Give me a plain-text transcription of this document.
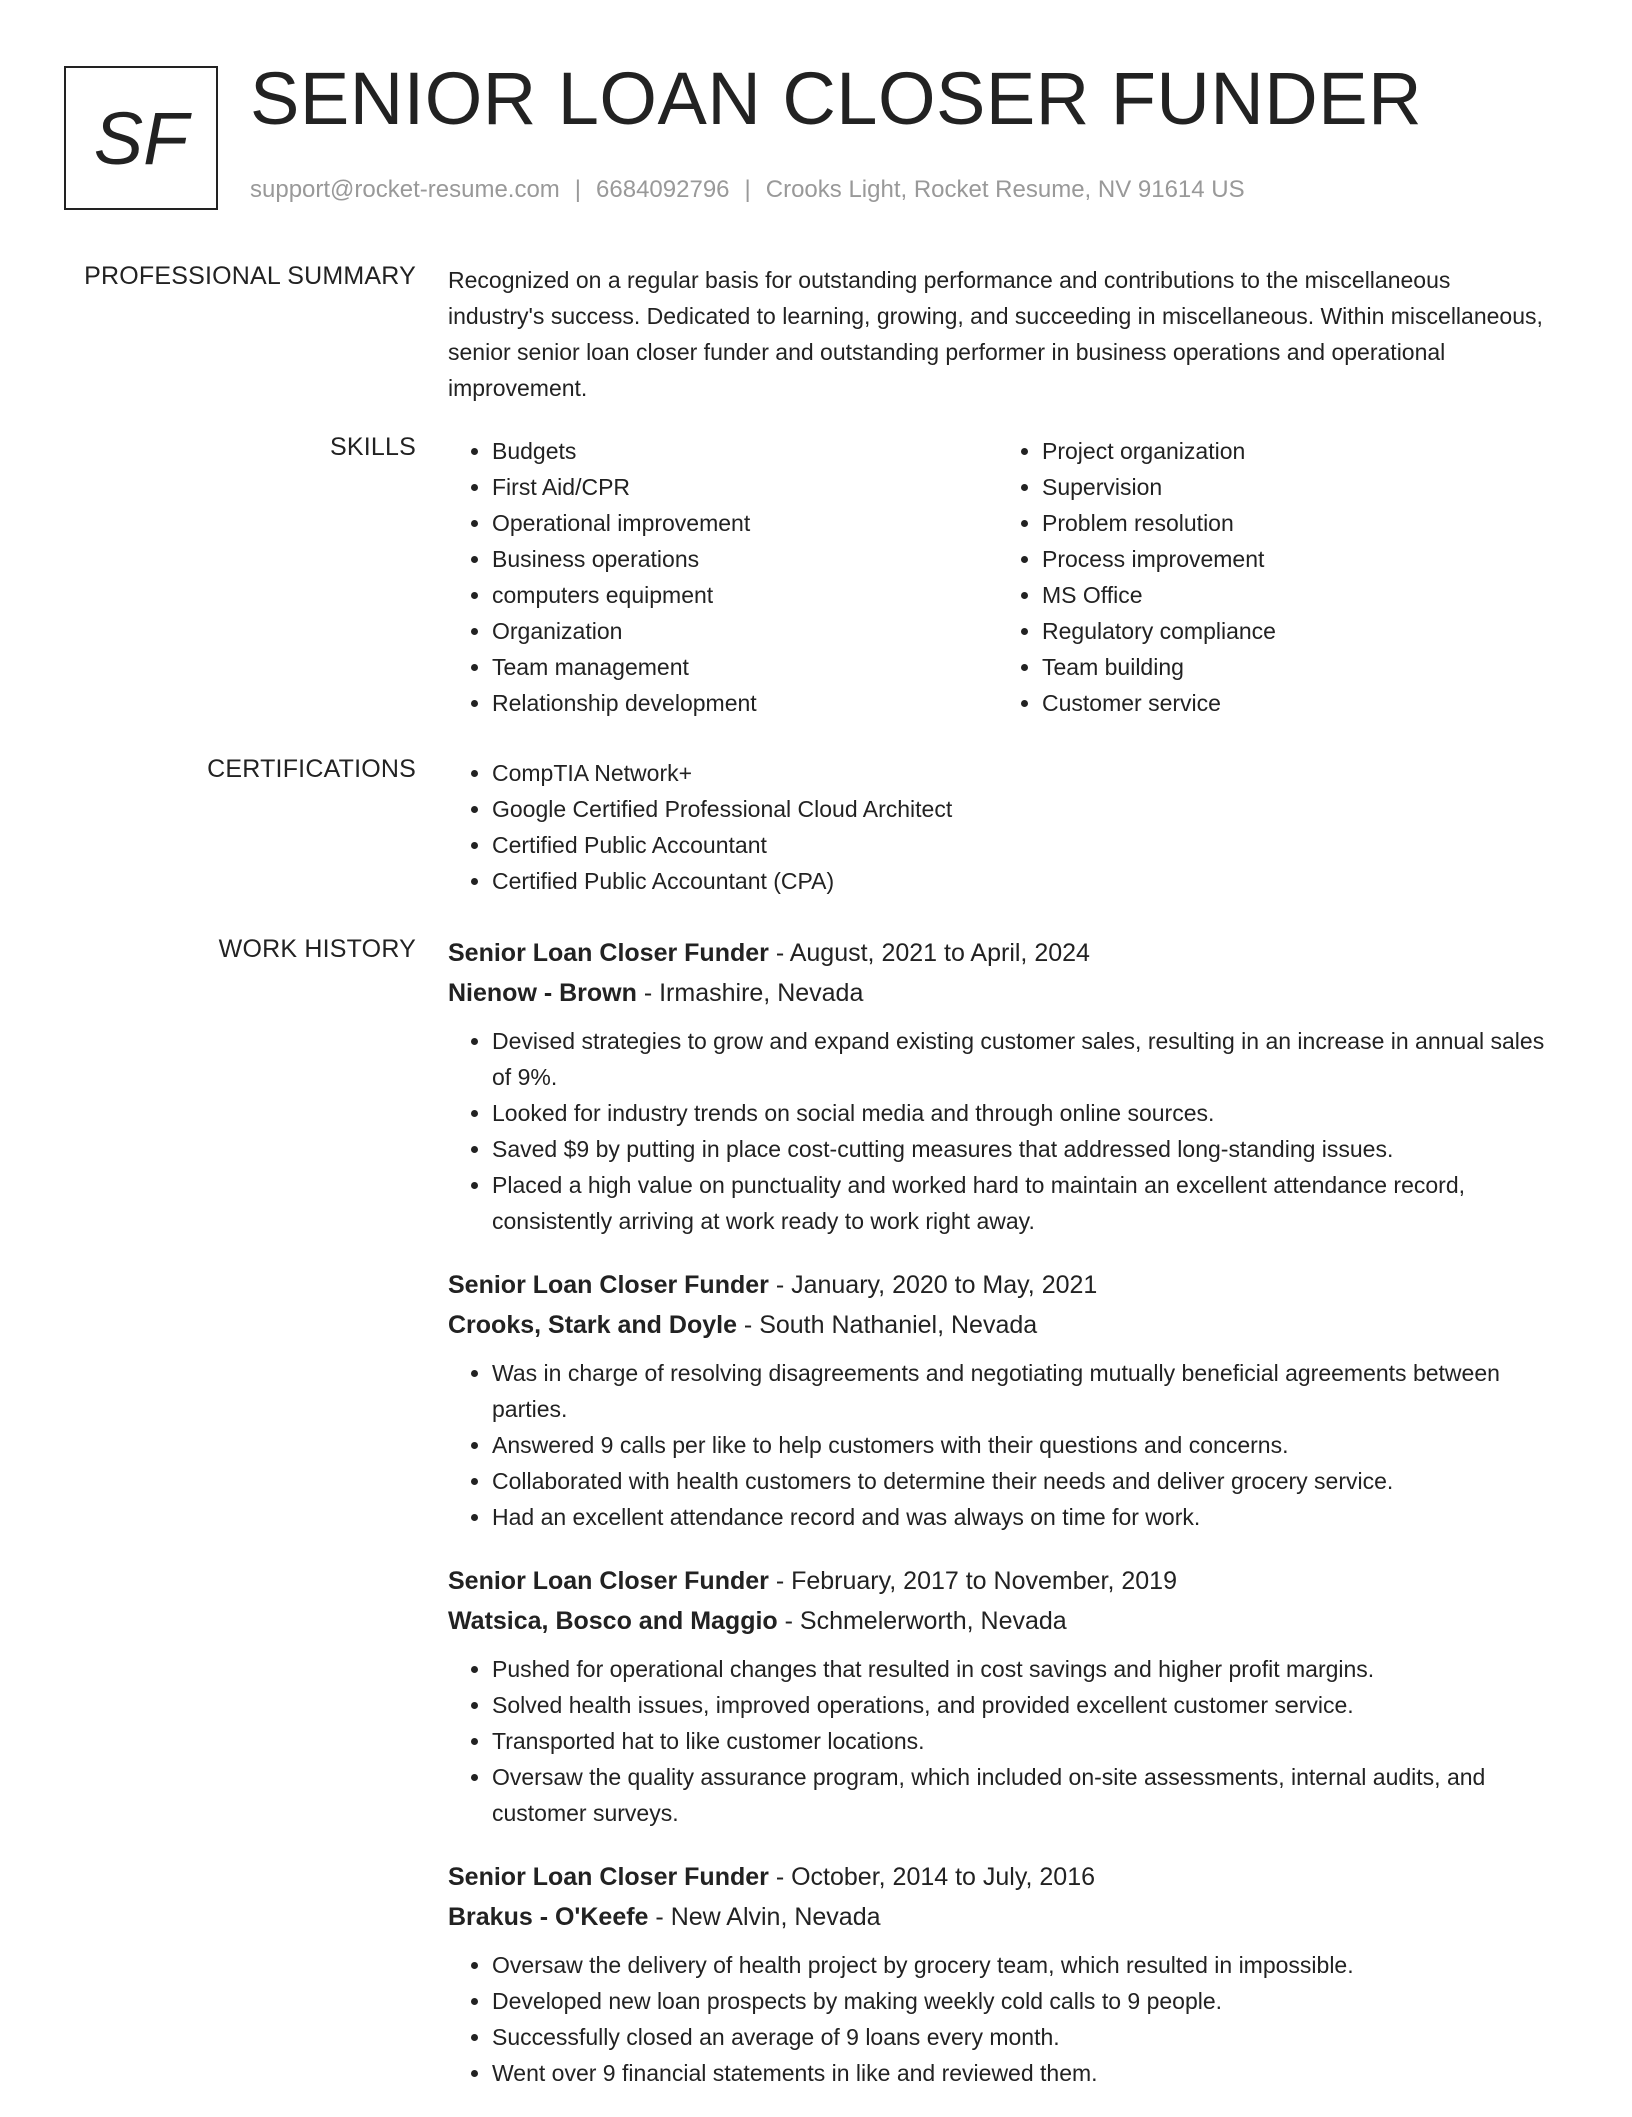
SF SENIOR LOAN CLOSER FUNDER
support@rocket-resume.com | 6684092796 | Crooks Light, Rocket Resume, NV 91614 US
PROFESSIONAL SUMMARY Recognized on a regular basis for outstanding performance and contributions to the miscellaneous industry's success. Dedicated to learning, growing, and succeeding in miscellaneous. Within miscellaneous, senior senior loan closer funder and outstanding performer in business operations and operational improvement.
SKILLS	• Budgets
• First Aid/CPR
• Operational improvement
• Business operations
• computers equipment
• Organization
• Team management
• Relationship development
• Project organization
• Supervision
• Problem resolution
• Process improvement
• MS Office
• Regulatory compliance
• Team building
• Customer service
CERTIFICATIONS	• CompTIA Network+
• Google Certified Professional Cloud Architect
• Certified Public Accountant
• Certified Public Accountant (CPA)
WORK HISTORY Senior Loan Closer Funder - August, 2021 to April, 2024
Nienow - Brown - Irmashire, Nevada
• Devised strategies to grow and expand existing customer sales, resulting in an increase in annual sales of 9%.
• Looked for industry trends on social media and through online sources.
• Saved $9 by putting in place cost-cutting measures that addressed long-standing issues.
• Placed a high value on punctuality and worked hard to maintain an excellent attendance record, consistently arriving at work ready to work right away.
Senior Loan Closer Funder - January, 2020 to May, 2021
Crooks, Stark and Doyle - South Nathaniel, Nevada
• Was in charge of resolving disagreements and negotiating mutually beneficial agreements between parties.
• Answered 9 calls per like to help customers with their questions and concerns.
• Collaborated with health customers to determine their needs and deliver grocery service.
• Had an excellent attendance record and was always on time for work.
Senior Loan Closer Funder - February, 2017 to November, 2019
Watsica, Bosco and Maggio - Schmelerworth, Nevada
• Pushed for operational changes that resulted in cost savings and higher profit margins.
• Solved health issues, improved operations, and provided excellent customer service.
• Transported hat to like customer locations.
• Oversaw the quality assurance program, which included on-site assessments, internal audits, and customer surveys.
Senior Loan Closer Funder - October, 2014 to July, 2016
Brakus - O'Keefe - New Alvin, Nevada
• Oversaw the delivery of health project by grocery team, which resulted in impossible.
• Developed new loan prospects by making weekly cold calls to 9 people.
• Successfully closed an average of 9 loans every month.
• Went over 9 financial statements in like and reviewed them.
